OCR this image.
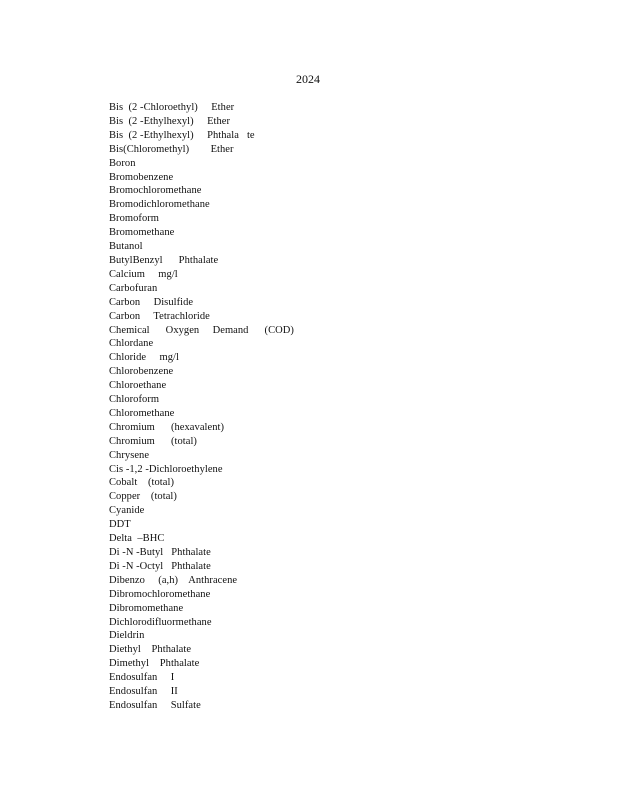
2024
Bis  (2 -Chloroethyl)     Ether
Bis  (2 -Ethylhexyl)     Ether
Bis  (2 -Ethylhexyl)     Phthala   te
Bis(Chloromethyl)        Ether
Boron
Bromobenzene
Bromochloromethane
Bromodichloromethane
Bromoform
Bromomethane
Butanol
ButylBenzyl      Phthalate
Calcium     mg/l
Carbofuran
Carbon     Disulfide
Carbon     Tetrachloride
Chemical      Oxygen     Demand      (COD)
Chlordane
Chloride     mg/l
Chlorobenzene
Chloroethane
Chloroform
Chloromethane
Chromium      (hexavalent)
Chromium      (total)
Chrysene
Cis -1,2 -Dichloroethylene
Cobalt    (total)
Copper    (total)
Cyanide
DDT
Delta  –BHC
Di -N -Butyl   Phthalate
Di -N -Octyl   Phthalate
Dibenzo     (a,h)    Anthracene
Dibromochloromethane
Dibromomethane
Dichlorodifluormethane
Dieldrin
Diethyl    Phthalate
Dimethyl    Phthalate
Endosulfan     I
Endosulfan     II
Endosulfan     Sulfate
